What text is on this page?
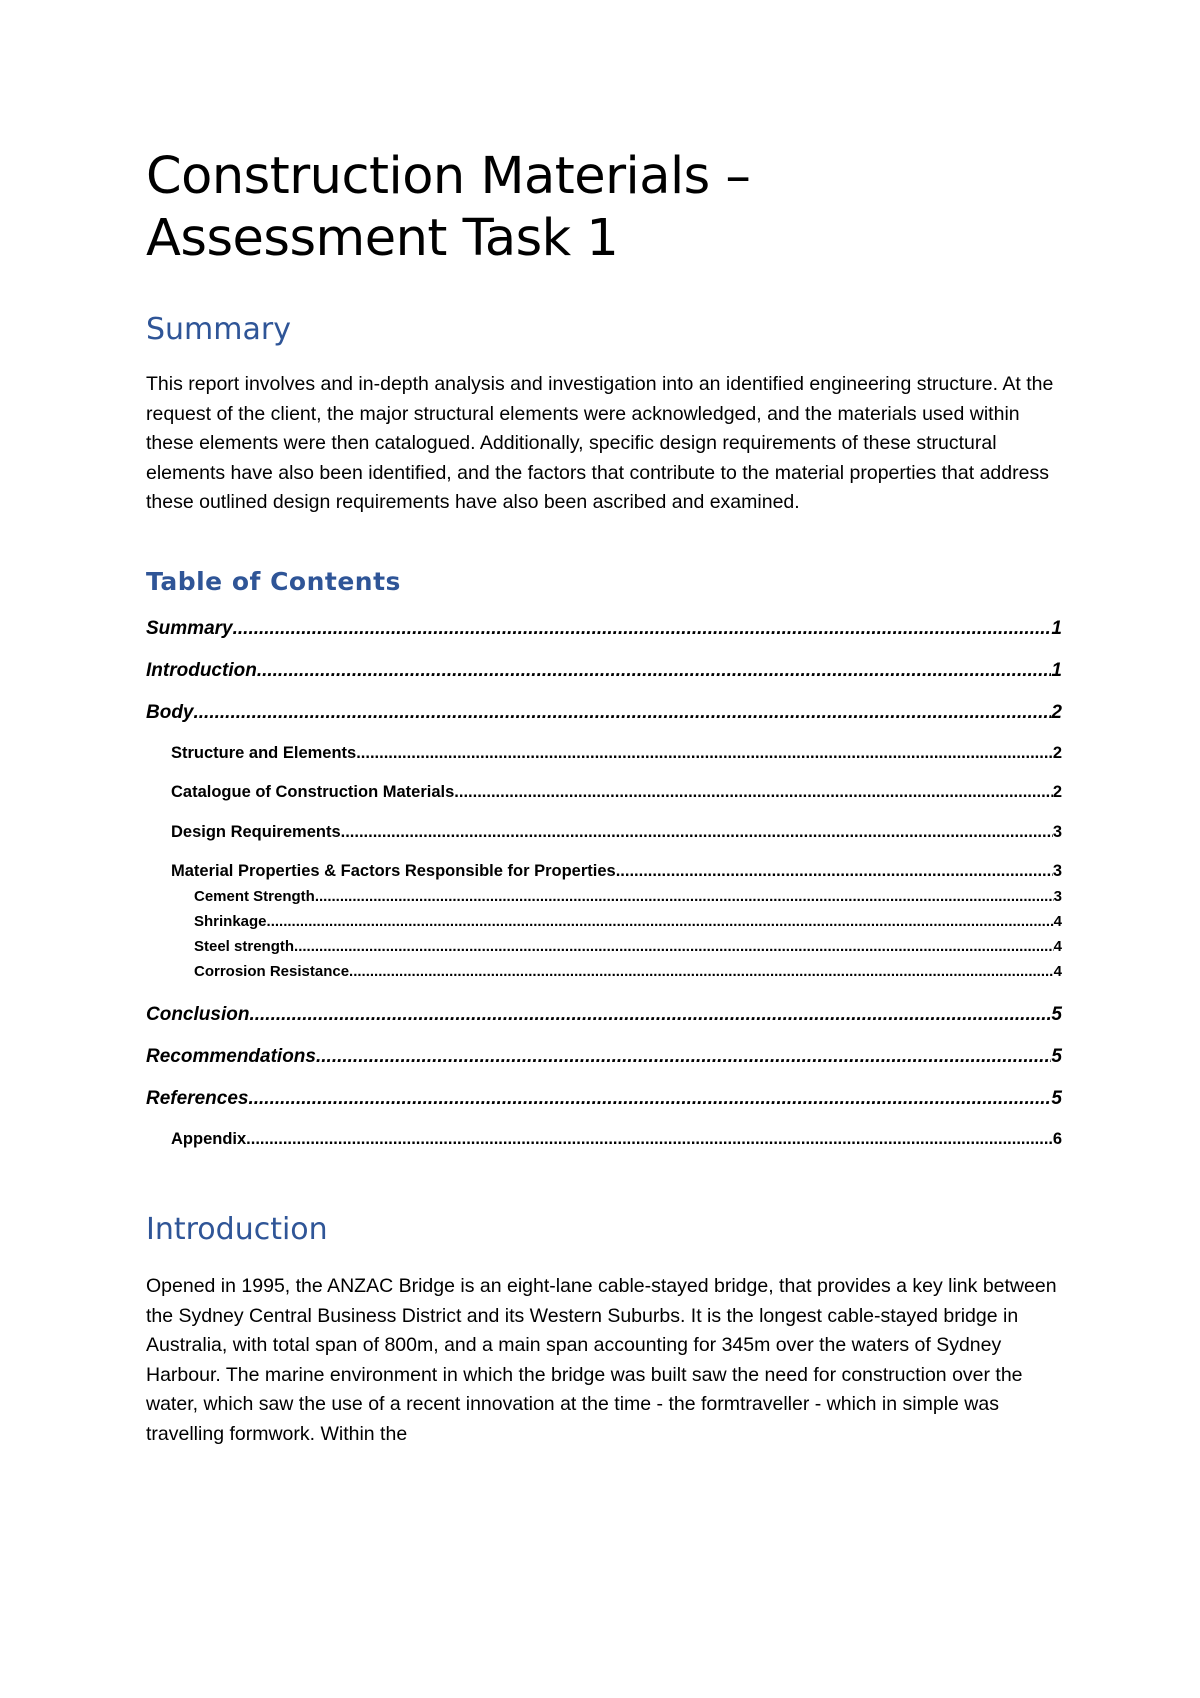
Construction Materials – Assessment Task 1
Summary

This report involves and in-depth analysis and investigation into an identified engineering structure. At the request of the client, the major structural elements were acknowledged, and the materials used within these elements were then catalogued. Additionally, specific design requirements of these structural elements have also been identified, and the factors that contribute to the material properties that address these outlined design requirements have also been ascribed and examined.

Table of Contents
Summary .....	1
Introduction .....	1
Body .....	2
Structure and Elements .....	2
Catalogue of Construction Materials .....	2
Design Requirements .....	3
Material Properties & Factors Responsible for Properties .....	3
Cement Strength .....	3
Shrinkage .....	4
Steel strength .....	4
Corrosion Resistance .....	4
Conclusion .....	5
Recommendations .....	5
References .....	5
Appendix .....	6
Introduction

Opened in 1995, the ANZAC Bridge is an eight-lane cable-stayed bridge, that provides a key link between the Sydney Central Business District and its Western Suburbs. It is the longest cable-stayed bridge in Australia, with total span of 800m, and a main span accounting for 345m over the waters of Sydney Harbour. The marine environment in which the bridge was built saw the need for construction over the water, which saw the use of a recent innovation at the time - the formtraveller - which in simple was travelling formwork. Within the
